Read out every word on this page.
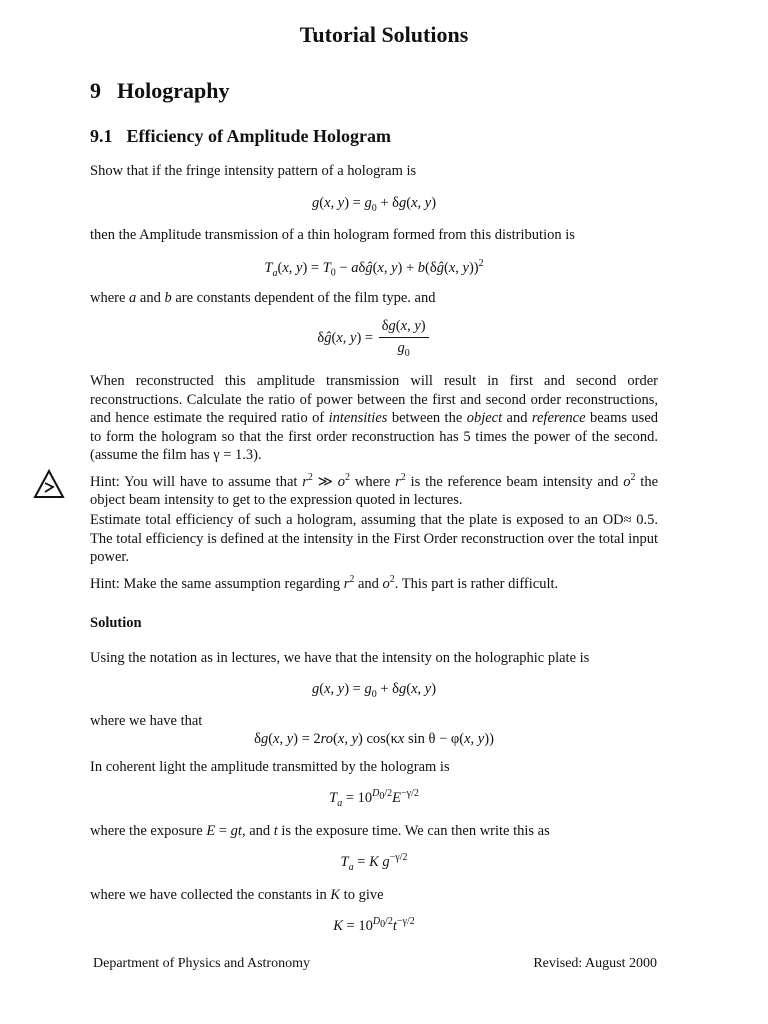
Tutorial Solutions
9 Holography
9.1 Efficiency of Amplitude Hologram
Show that if the fringe intensity pattern of a hologram is
g(x, $y) = g_0 + \delta g(x$, y)
then the Amplitude transmission of a thin hologram formed from this distribution is
$T_a(x$, $y) = T_0$ − aδĝ(x, y) + b(δĝ(x, y))$^2$
where a and b are constants dependent of the film type. and
δĝ(x, $y) = \frac{\delta g(x, y)}{g_0}$
When reconstructed this amplitude transmission will result in first and second order reconstructions. Calculate the ratio of power between the first and second order reconstructions, and hence estimate the required ratio of intensities between the object and reference beams used to form the hologram so that the first order reconstruction has 5 times the power of the second. (assume the film has γ = 1.3).
Hint: You will have to assume that $r^2$ ≫ $o^2$ where $r^2$ is the reference beam intensity and $o^2$ the object beam intensity to get to the expression quoted in lectures.
Estimate total efficiency of such a hologram, assuming that the plate is exposed to an OD≈ 0.5. The total efficiency is defined at the intensity in the First Order reconstruction over the total input power.
Hint: Make the same assumption regarding $r^2$ and $o^2$. This part is rather difficult.
Solution
Using the notation as in lectures, we have that the intensity on the holographic plate is
g(x, $y) = g_0 + \delta g(x$, y)
where we have that
δg(x, y) = 2ro(x, y) cos(κx sin θ − φ(x, y))
In coherent light the amplitude transmitted by the hologram is
$T_a = 10^{D_0/2}E^{-\gamma/2}$
where the exposure E = gt, and t is the exposure time. We can then write this as
$T_a = K$ $g^{-\gamma/2}$
where we have collected the constants in K to give
$K = 10^{D_0/2}t^{-\gamma/2}$
Department of Physics and Astronomy	Revised: August 2000
